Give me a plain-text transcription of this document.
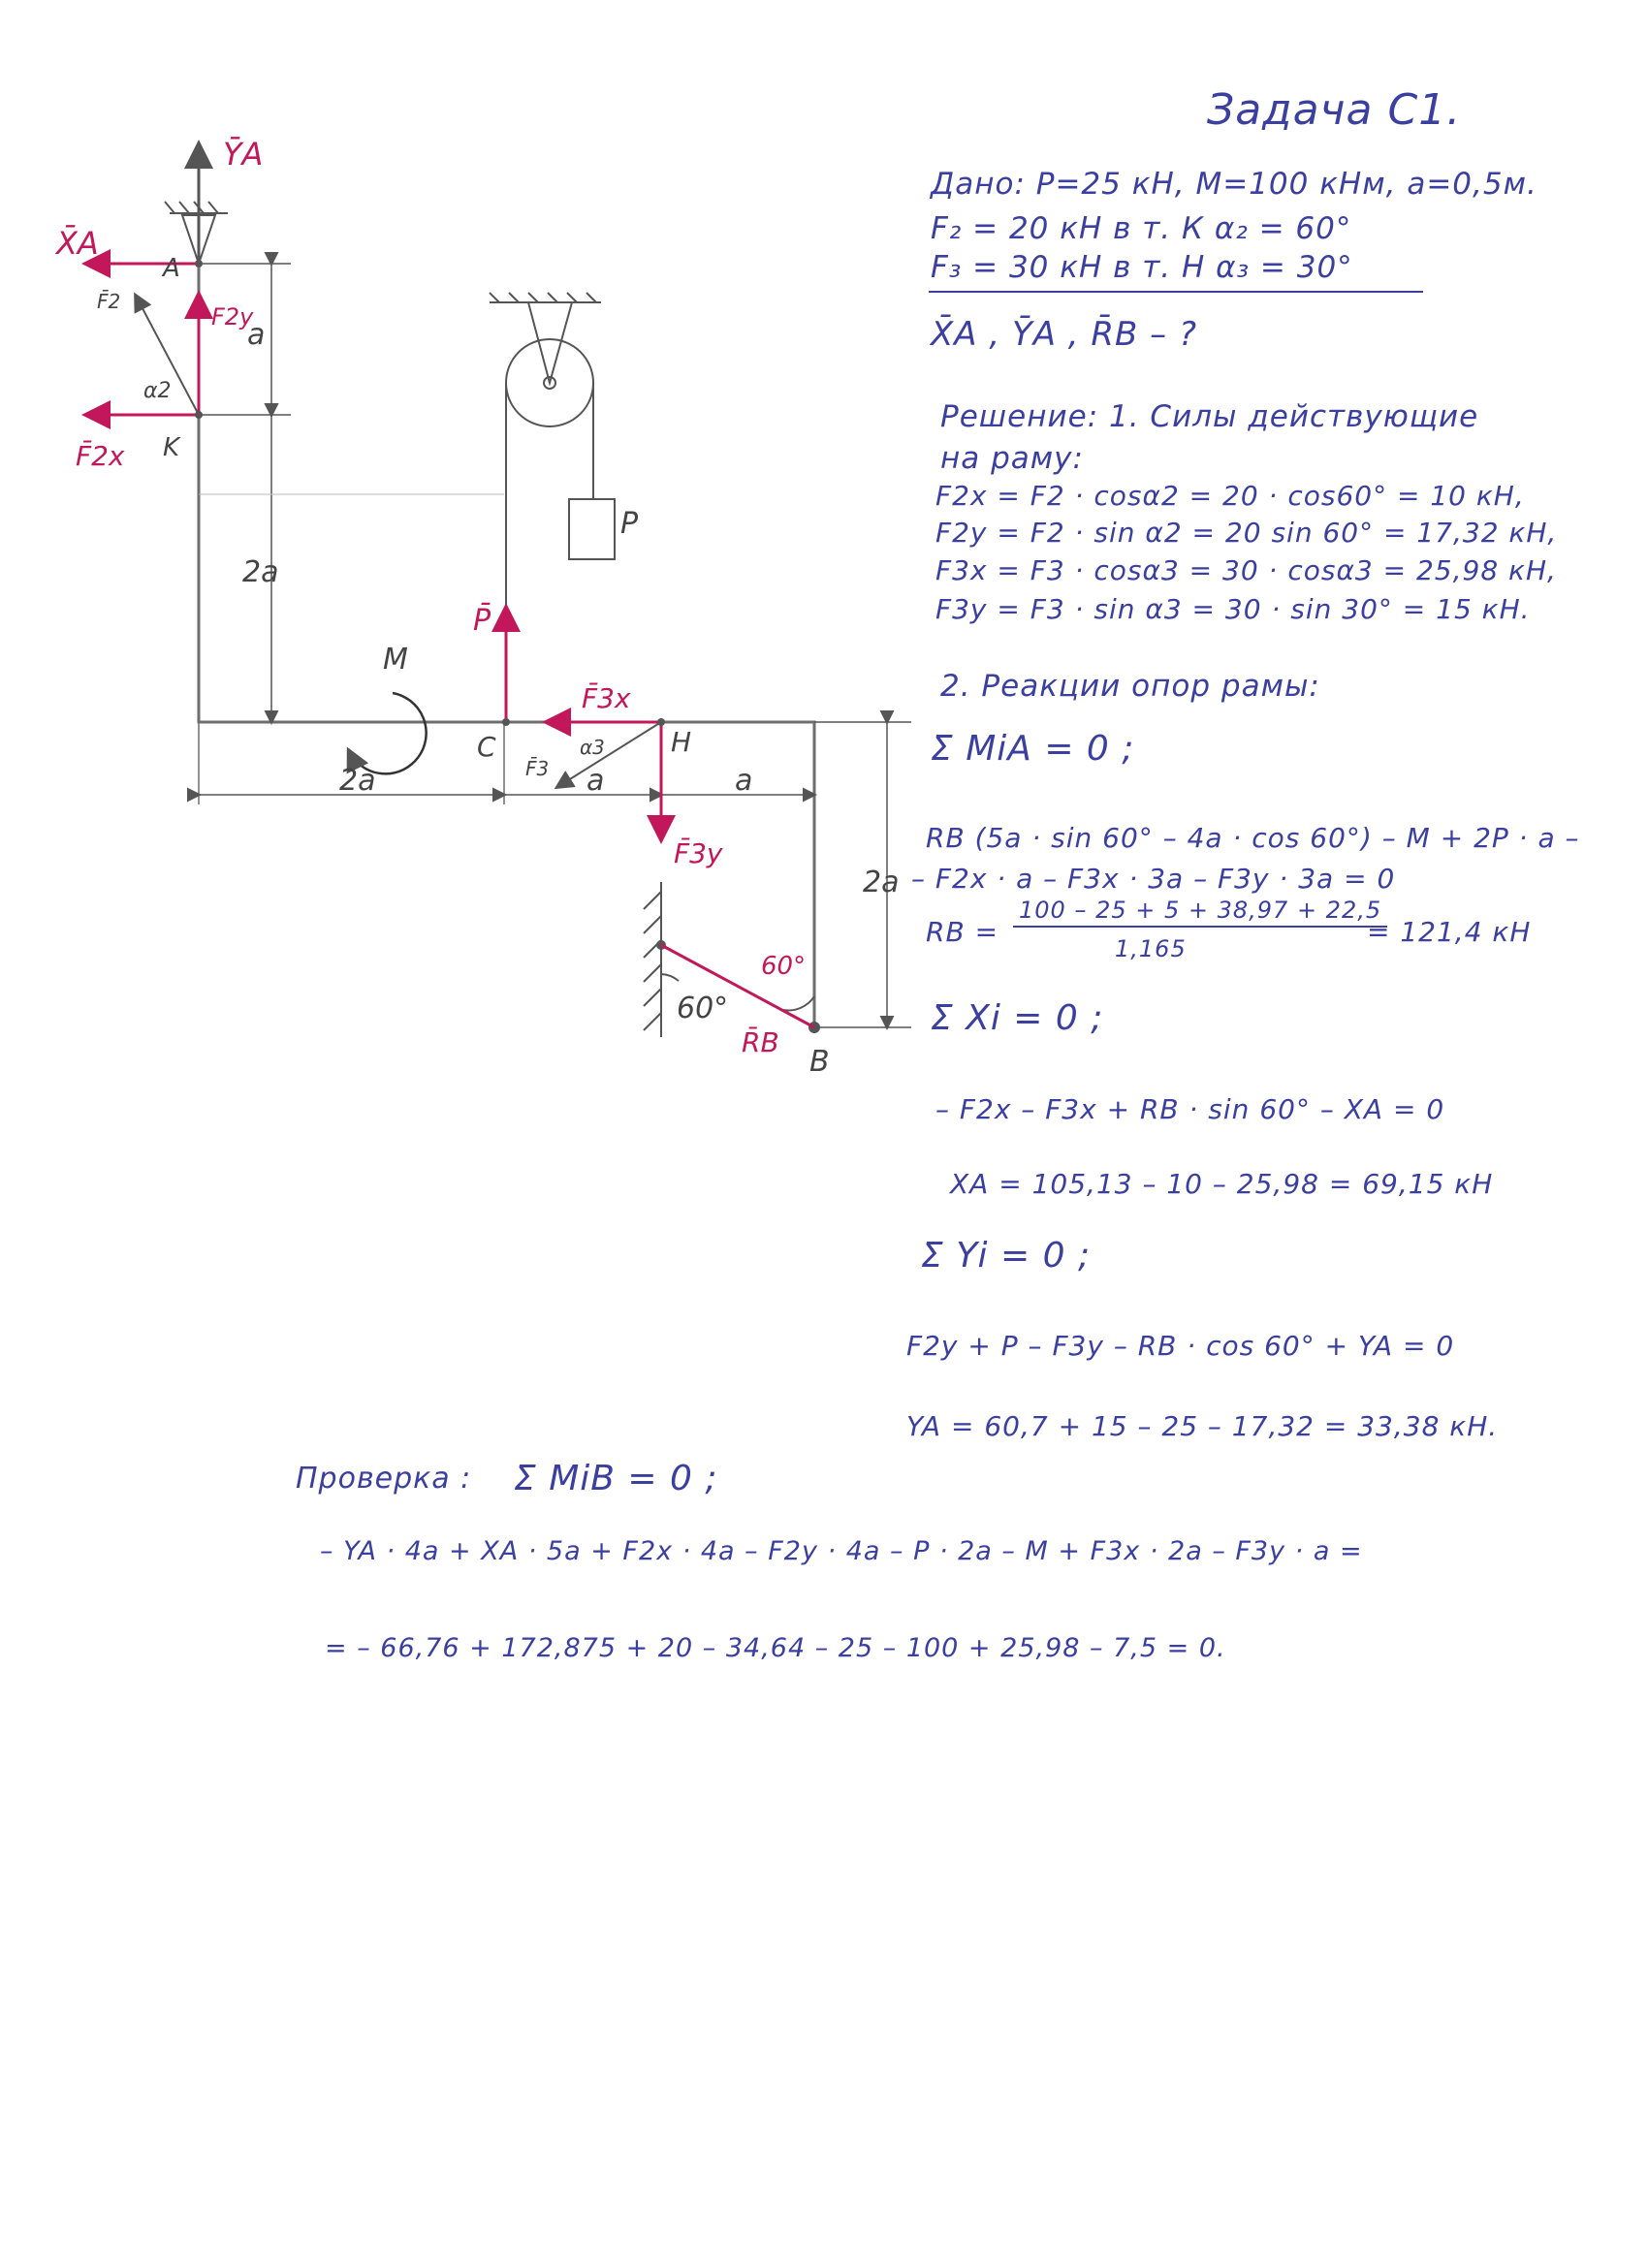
ȲA
X̄A
A
F̄2
F2y
a
α2
K
F̄2x
2a
P
P̄
M
C
F̄3x
α3 H
F̄3
F̄3y
2a	a	a
2a
60°
60°
R̄B
B
Задача С1.
Дано: Р=25 кН, М=100 кНм, а=0,5м.
F₂ = 20 кН в т. К α₂ = 60°
F₃ = 30 кН в т. Н α₃ = 30°
X̄A , ȲA , R̄B – ?
Решение: 1. Силы действующие
на раму:
F2x = F2 · cosα2 = 20 · cos60° = 10 кН,
F2y = F2 · sin α2 = 20 sin 60° = 17,32 кН,
F3x = F3 · cosα3 = 30 · cosα3 = 25,98 кН,
F3y = F3 · sin α3 = 30 · sin 30° = 15 кН.
2. Реакции опор рамы:
Σ MiA = 0 ;
RB (5a · sin 60° – 4a · cos 60°) – M + 2P · a –
– F2x · a – F3x · 3a – F3y · 3a = 0
RB =
100 – 25 + 5 + 38,97 + 22,5
1,165
= 121,4 кН
Σ Xi = 0 ;
– F2x – F3x + RB · sin 60° – XA = 0
XA = 105,13 – 10 – 25,98 = 69,15 кН
Σ Yi = 0 ;
F2y + P – F3y – RB · cos 60° + YA = 0
YA = 60,7 + 15 – 25 – 17,32 = 33,38 кН.
Проверка : Σ MiB = 0 ;
– YA · 4a + XA · 5a + F2x · 4a – F2y · 4a – P · 2a – M + F3x · 2a – F3y · a =
= – 66,76 + 172,875 + 20 – 34,64 – 25 – 100 + 25,98 – 7,5 = 0.
